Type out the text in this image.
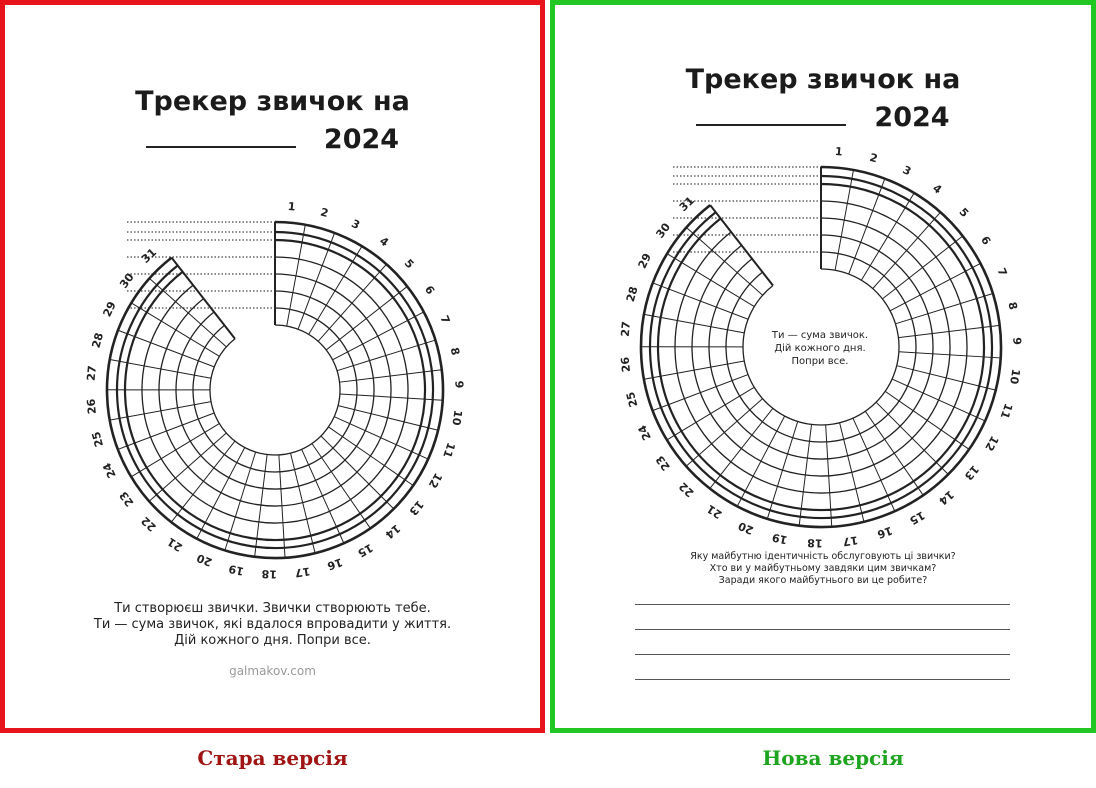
Трекер звичок на
2024
1 2
3
4
5
6
7
8
9
10
11
12
13
14
15
16
17
18
19
20
21
22
23
24
25
26
27
28
29
30
31
Ти створюєш звички. Звички створюють тебе.
Ти — сума звичок, які вдалося впровадити у життя.
Дій кожного дня. Попри все.
galmakov.com
Трекер звичок на
2024
1 2
3
4
5
6
7
8
9
10
11
12
13
14
15
16
17
18
19
20
21
22
23
24
25
26
27
28
29
30
31
Ти — сума звичок.
Дій кожного дня.
Попри все.
Яку майбутню ідентичність обслуговують ці звички?
Хто ви у майбутньому завдяки цим звичкам?
Заради якого майбутнього ви це робите?
Стара версія	Нова версія
